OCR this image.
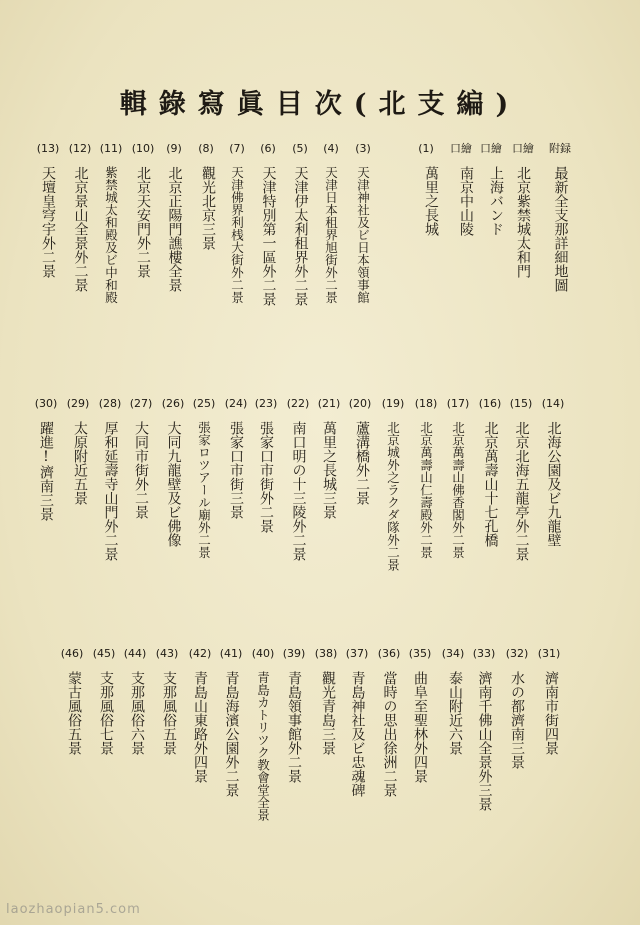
輯錄寫眞目次(北支編)
附録
最新全支那詳細地圖
口繪
北京紫禁城太和門
口繪
上海バンド
口繪
南京中山陵
(1)
萬里之長城
(3)
天津神社及ビ日本領事館
(4)
天津日本租界旭街外二景
(5)
天津伊太利租界外二景
(6)
天津特別第一區外二景
(7)
天津佛界利桟大街外二景
(8)
觀光北京三景
(9)
北京正陽門譙樓全景
(10)
北京天安門外二景
(11)
紫禁城太和殿及ビ中和殿
(12)
北京景山全景外二景
(13)
天壇皇穹宇外二景
(14)
北海公園及ビ九龍壁
(15)
北京北海五龍亭外二景
(16)
北京萬壽山十七孔橋
(17)
北京萬壽山佛香閣外二景
(18)
北京萬壽山仁壽殿外二景
(19)
北京城外之ラクダ隊外二景
(20)
蘆溝橋外二景
(21)
萬里之長城三景
(22)
南口明の十三陵外二景
(23)
張家口市街外二景
(24)
張家口市街三景
(25)
張家ロツアール廟外二景
(26)
大同九龍壁及ビ佛像
(27)
大同市街外二景
(28)
厚和延壽寺山門外二景
(29)
太原附近五景
(30)
躍進!濟南三景
(31)
濟南市街四景
(32)
水の都濟南三景
(33)
濟南千佛山全景外三景
(34)
泰山附近六景
(35)
曲阜至聖林外四景
(36)
當時の思出徐洲二景
(37)
青島神社及ビ忠魂碑
(38)
觀光青島三景
(39)
青島領事館外二景
(40)
青島カトリツク教會堂全景
(41)
青島海濱公園外二景
(42)
青島山東路外四景
(43)
支那風俗五景
(44)
支那風俗六景
(45)
支那風俗七景
(46)
蒙古風俗五景
laozhaopian5.com
